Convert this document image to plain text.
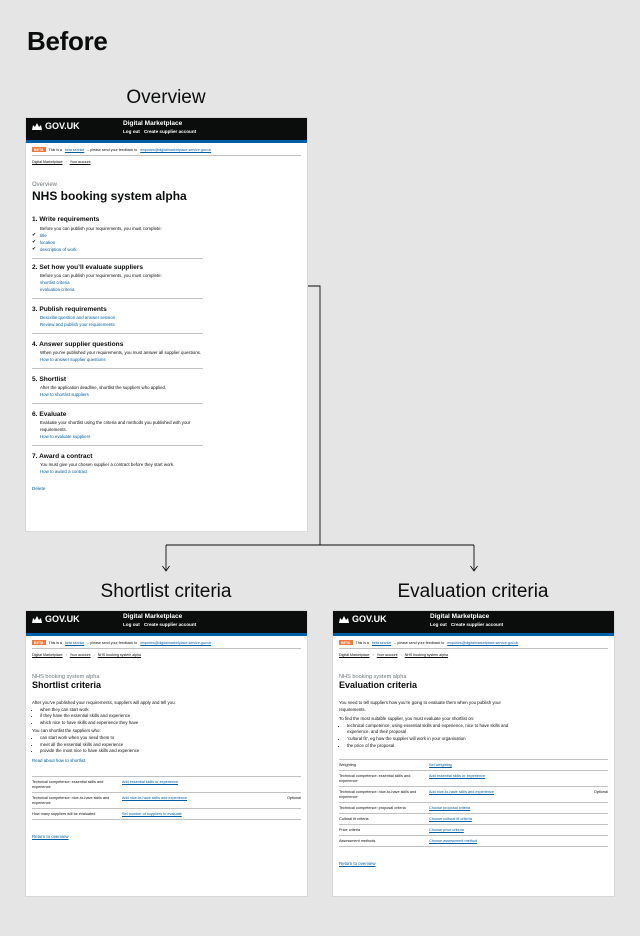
Before
Overview
Shortlist criteria	Evaluation criteria
GOV.UK	Digital Marketplace
Log out Create supplier account
BETA	This is a beta service – please send your feedback to enquiries@digitalmarketplace.service.gov.uk
Digital Marketplace › Your account

Overview

NHS booking system alpha

1. Write requirements

Before you can publish your requirements, you must complete:

✔ title
✔ location
✔ description of work

2. Set how you’ll evaluate suppliers

Before you can publish your requirements, you must complete:

shortlist criteria
evaluation criteria

3. Publish requirements

Describe question and answer session
Review and publish your requirements

4. Answer supplier questions

When you’ve published your requirements, you must answer all supplier questions.

How to answer supplier questions

5. Shortlist

After the application deadline, shortlist the suppliers who applied.

How to shortlist suppliers

6. Evaluate

Evaluate your shortlist using the criteria and methods you published with your requirements.

How to evaluate suppliers

7. Award a contract

You must give your chosen supplier a contract before they start work.

How to award a contract
Delete
GOV.UK	Digital Marketplace
Log out Create supplier account
BETA	This is a beta service – please send your feedback to enquiries@digitalmarketplace.service.gov.uk
Digital Marketplace › Your account › NHS booking system alpha

NHS booking system alpha

Shortlist criteria

After you’ve published your requirements, suppliers will apply and tell you:

• when they can start work
• if they have the essential skills and experience
• which nice to have skills and experience they have

You can shortlist the suppliers who:

• can start work when you need them to
• meet all the essential skills and experience
• provide the most nice to have skills and experience

Read about how to shortlist.

Technical competence: essential skills and experience	Add essential skills or experience	
Technical competence: nice-to-have skills and experience	Add nice-to-have skills and experience	Optional
How many suppliers will be evaluated	Set number of suppliers to evaluate	
Return to overview
GOV.UK	Digital Marketplace
Log out Create supplier account
BETA	This is a beta service – please send your feedback to enquiries@digitalmarketplace.service.gov.uk
Digital Marketplace › Your account › NHS booking system alpha

NHS booking system alpha

Evaluation criteria

You need to tell suppliers how you’re going to evaluate them when you publish your requirements.

To find the most suitable supplier, you must evaluate your shortlist on:

• technical competence, using essential skills and experience, nice to have skills and experience, and their proposal
• ‘cultural fit’, eg how the supplier will work in your organisation
• the price of the proposal
Weighting	Set weighting	
Technical competence: essential skills and experience	Add essential skills or experience	
Technical competence: nice-to-have skills and experience	Add nice-to-have skills and experience	Optional
Technical competence: proposal criteria	Choose proposal criteria	
Cultural fit criteria	Choose cultural fit criteria	
Price criteria	Choose price criteria	
Assessment methods	Choose assessment method	
Return to overview
